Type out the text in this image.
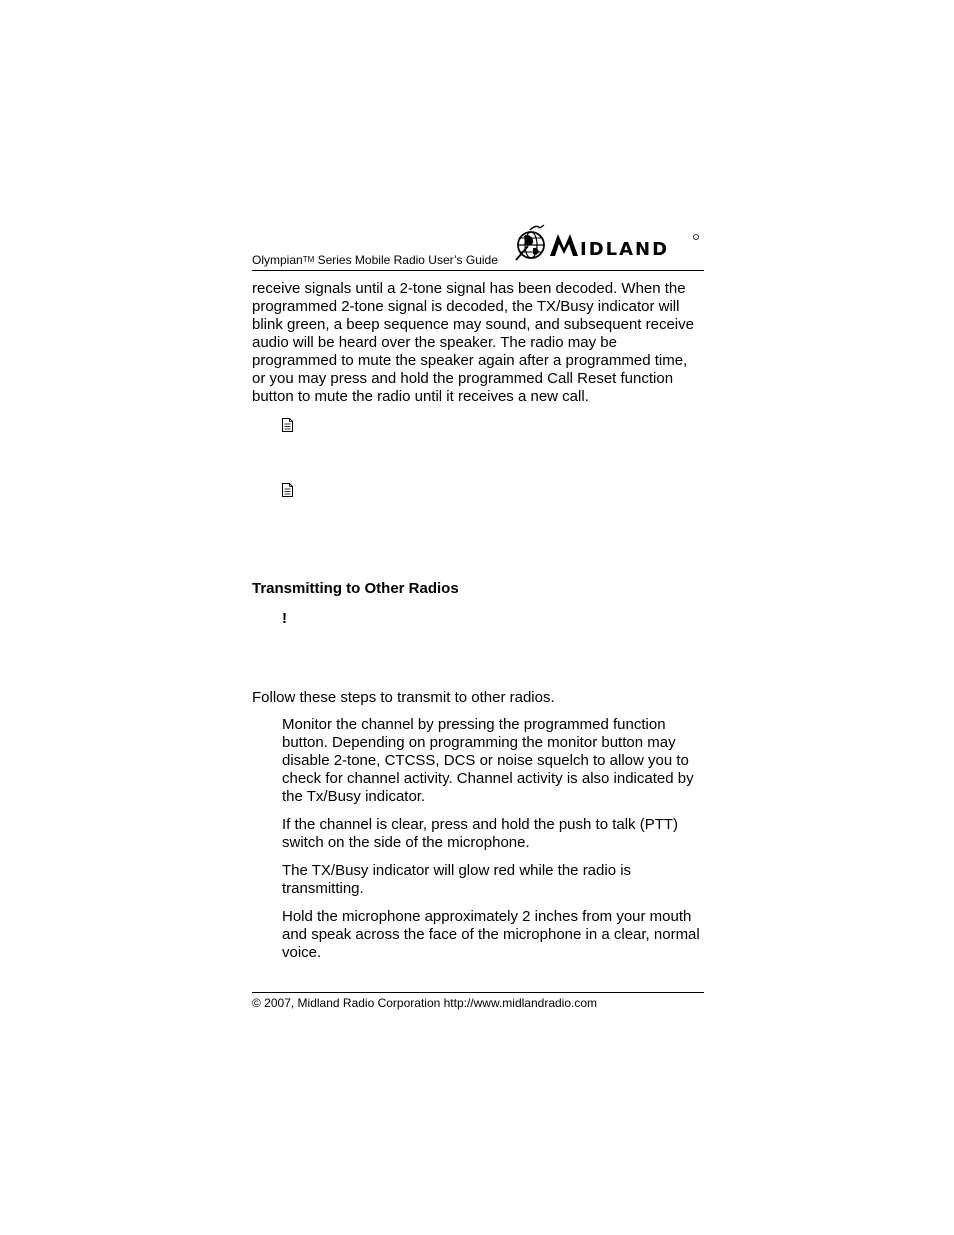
OlympianTM Series Mobile Radio User’s Guide	IDLAND
receive signals until a 2-tone signal has been decoded. When the programmed 2-tone signal is decoded, the TX/Busy indicator will blink green, a beep sequence may sound, and subsequent receive audio will be heard over the speaker. The radio may be programmed to mute the speaker again after a programmed time, or you may press and hold the programmed Call Reset function button to mute the radio until it receives a new call.
Transmitting to Other Radios
!
Follow these steps to transmit to other radios.
Monitor the channel by pressing the programmed function button. Depending on programming the monitor button may disable 2-tone, CTCSS, DCS or noise squelch to allow you to check for channel activity. Channel activity is also indicated by the Tx/Busy indicator.
If the channel is clear, press and hold the push to talk (PTT) switch on the side of the microphone.
The TX/Busy indicator will glow red while the radio is transmitting.
Hold the microphone approximately 2 inches from your mouth and speak across the face of the microphone in a clear, normal voice.
© 2007, Midland Radio Corporation http://www.midlandradio.com
